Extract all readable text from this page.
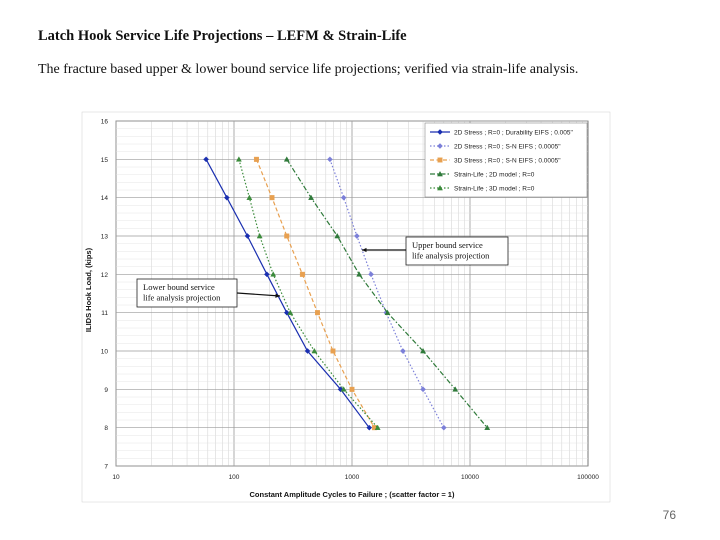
Latch Hook Service Life Projections – LEFM & Strain-Life
The fracture based upper & lower bound service life projections; verified via strain-life analysis.
10	100	1000	10000	100000
7
8
9
10
11
12
13
14
15
16
Upper bound service
life analysis projection
Lower bound service
life analysis projection
2D Stress ; R=0 ; Durability EIFS ; 0.005"
2D Stress ; R=0 ; S-N EIFS ; 0.0005"
3D Stress ; R=0 ; S-N EIFS ; 0.0005"
Strain-Life ; 2D model ; R=0
Strain-Life ; 3D model ; R=0
Constant Amplitude Cycles to Failure ; (scatter factor = 1)
ILIDS Hook Load, (kips)
76
